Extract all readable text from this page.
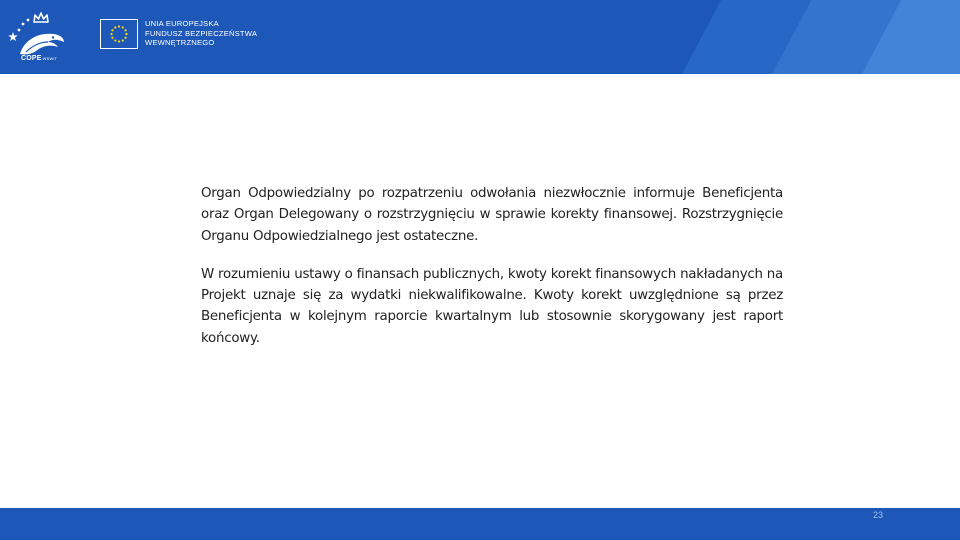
COPEWSWiT
UNIA EUROPEJSKA
FUNDUSZ BEZPIECZEŃSTWA
WEWNĘTRZNEGO

Organ Odpowiedzialny po rozpatrzeniu odwołania niezwłocznie informuje Beneficjenta oraz Organ Delegowany o rozstrzygnięciu w sprawie korekty finansowej. Rozstrzygnięcie Organu Odpowiedzialnego jest ostateczne.

W rozumieniu ustawy o finansach publicznych, kwoty korekt finansowych nakładanych na Projekt uznaje się za wydatki niekwalifikowalne. Kwoty korekt uwzględnione są przez Beneficjenta w kolejnym raporcie kwartalnym lub stosownie skorygowany jest raport końcowy.

23
